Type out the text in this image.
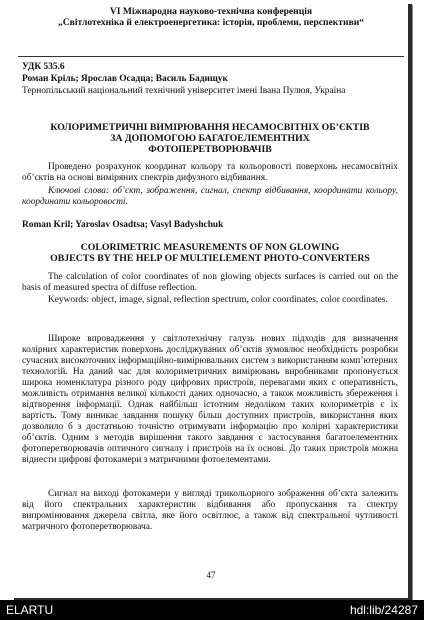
VI Міжнародна науково-технічна конференція
„Світлотехніка й електроенергетика: історія, проблеми, перспективи“
УДК 535.6
Роман Кріль; Ярослав Осадца; Василь Бадищук
Тернопільський національний технічний університет імені Івана Пулюя, Україна
КОЛОРИМЕТРИЧНІ ВИМІРЮВАННЯ НЕСАМОСВІТНІХ ОБ’ЄКТІВ
ЗА ДОПОМОГОЮ БАГАТОЕЛЕМЕНТНИХ
ФОТОПЕРЕТВОРЮВАЧІВ

Проведено розрахунок координат кольору та кольоровості поверхонь несамосвітніх об’єктів на основі виміряних спектрів дифузного відбивання.

Ключові слова: об’єкт, зображення, сигнал, спектр відбивання, координати кольору, координати кольоровості.

Roman Kril; Yaroslav Osadtsa; Vasyl Badyshchuk
COLORIMETRIC MEASUREMENTS OF NON GLOWING
OBJECTS BY THE HELP OF MULTIELEMENT PHOTO-CONVERTERS

The calculation of color coordinates of non glowing objects surfaces is carried out on the basis of measured spectra of diffuse reflection.

Keywords: object, image, signal, reflection spectrum, color coordinates, color coordinates.

Широке впровадження у світлотехнічну галузь нових підходів для визначення колірних характеристик поверхонь досліджуваних об’єктів зумовлює необхідність розробки сучасних високоточних інформаційно-вимірювальних систем з використанням комп’ютерних технологій. На даний час для колориметричних вимірювань виробниками пропонується широка номенклатура різного роду цифрових пристроїв, перевагами яких є оперативність, можливість отримання великої кількості даних одночасно, а також можливість збереження і відтворення інформації. Однак найбільш істотним недоліком таких колориметрів є їх вартість. Тому виникає завдання пошуку більш доступних пристроїв, використання яких дозволило б з достатньою точністю отримувати інформацію про колірні характеристики об’єктів. Одним з методів вирішення такого завдання є застосування багатоелементних фотоперетворювачів оптичного сигналу і пристроїв на їх основі. До таких пристроїв можна віднести цифрові фотокамери з матричними фотоелементами.

Сигнал на виході фотокамери у вигляді трикольорного зображення об’єкта залежить від його спектральних характеристик відбивання або пропускання та спектру випромінювання джерела світла, яке його освітлює, а також від спектральної чутливості матричного фотоперетворювача.

47
ELARTU	hdl:lib/24287
